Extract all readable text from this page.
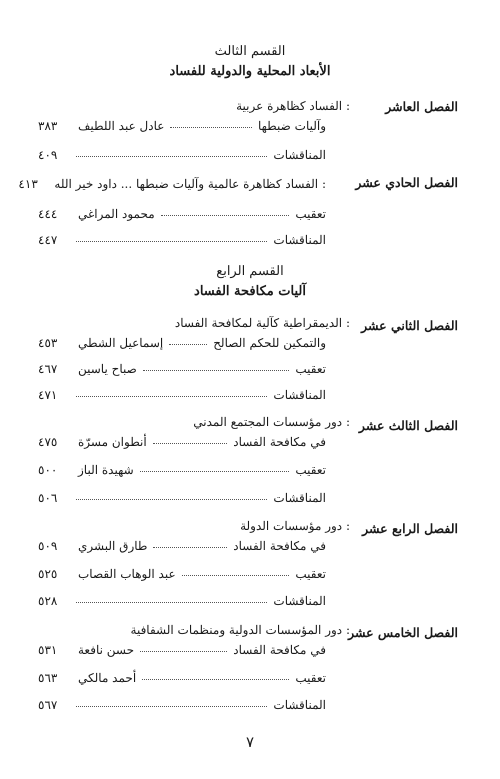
القسم الثالث
الأبعاد المحلية والدولية للفساد
الفصل العاشر
: الفساد كظاهرة عربية
وآليات ضبطها
عادل عبد اللطيف
٣٨٣
المناقشات
٤٠٩
الفصل الحادي عشر
: الفساد كظاهرة عالمية وآليات ضبطها ... داود خير الله
٤١٣
تعقيب
محمود المراغي
٤٤٤
المناقشات
٤٤٧
القسم الرابع
آليات مكافحة الفساد
الفصل الثاني عشر
: الديمقراطية كآلية لمكافحة الفساد
والتمكين للحكم الصالح
إسماعيل الشطي
٤٥٣
تعقيب
صباح ياسين
٤٦٧
المناقشات
٤٧١
الفصل الثالث عشر
: دور مؤسسات المجتمع المدني
في مكافحة الفساد
أنطوان مسرّة
٤٧٥
تعقيب
شهيدة الباز
٥٠٠
المناقشات
٥٠٦
الفصل الرابع عشر
: دور مؤسسات الدولة
في مكافحة الفساد
طارق البشري
٥٠٩
تعقيب
عبد الوهاب القصاب
٥٢٥
المناقشات
٥٢٨
الفصل الخامس عشر
: دور المؤسسات الدولية ومنظمات الشفافية
في مكافحة الفساد
حسن نافعة
٥٣١
تعقيب
أحمد مالكي
٥٦٣
المناقشات
٥٦٧
٧
